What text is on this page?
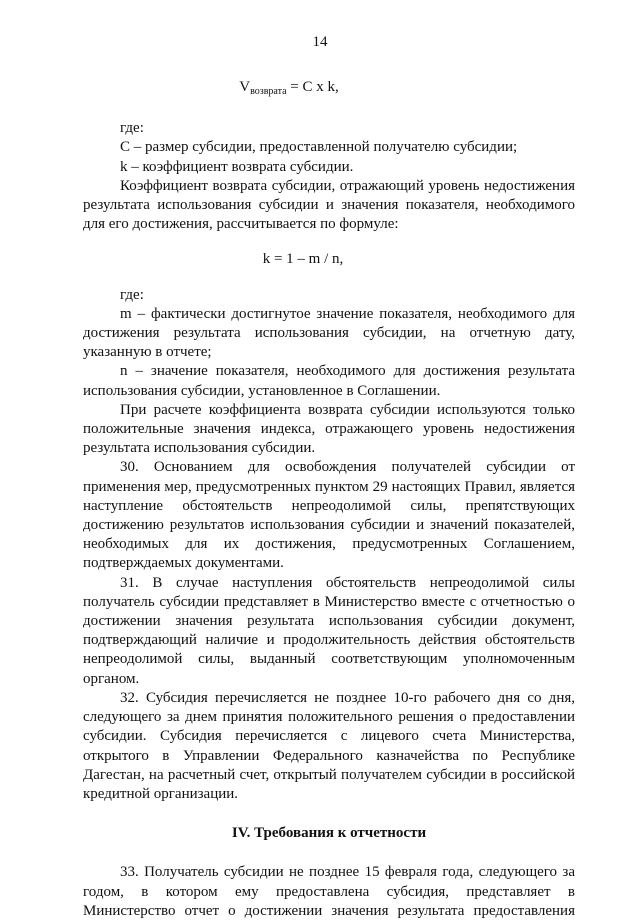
14

$V_{возврата} = C$ x k,

где:

C – размер субсидии, предоставленной получателю субсидии;

k – коэффициент возврата субсидии.

Коэффициент возврата субсидии, отражающий уровень недостижения результата использования субсидии и значения показателя, необходимого для его достижения, рассчитывается по формуле:

k = 1 – m / n,

где:

m – фактически достигнутое значение показателя, необходимого для достижения результата использования субсидии, на отчетную дату, указанную в отчете;

n – значение показателя, необходимого для достижения результата использования субсидии, установленное в Соглашении.

При расчете коэффициента возврата субсидии используются только положительные значения индекса, отражающего уровень недостижения результата использования субсидии.

30. Основанием для освобождения получателей субсидии от применения мер, предусмотренных пунктом 29 настоящих Правил, является наступление обстоятельств непреодолимой силы, препятствующих достижению результатов использования субсидии и значений показателей, необходимых для их достижения, предусмотренных Соглашением, подтверждаемых документами.

31. В случае наступления обстоятельств непреодолимой силы получатель субсидии представляет в Министерство вместе с отчетностью о достижении значения результата использования субсидии документ, подтверждающий наличие и продолжительность действия обстоятельств непреодолимой силы, выданный соответствующим уполномоченным органом.

32. Субсидия перечисляется не позднее 10-го рабочего дня со дня, следующего за днем принятия положительного решения о предоставлении субсидии. Субсидия перечисляется с лицевого счета Министерства, открытого в Управлении Федерального казначейства по Республике Дагестан, на расчетный счет, открытый получателем субсидии в российской кредитной организации.

IV. Требования к отчетности

33. Получатель субсидии не позднее 15 февраля года, следующего за годом, в котором ему предоставлена субсидия, представляет в Министерство отчет о достижении значения результата предоставления
